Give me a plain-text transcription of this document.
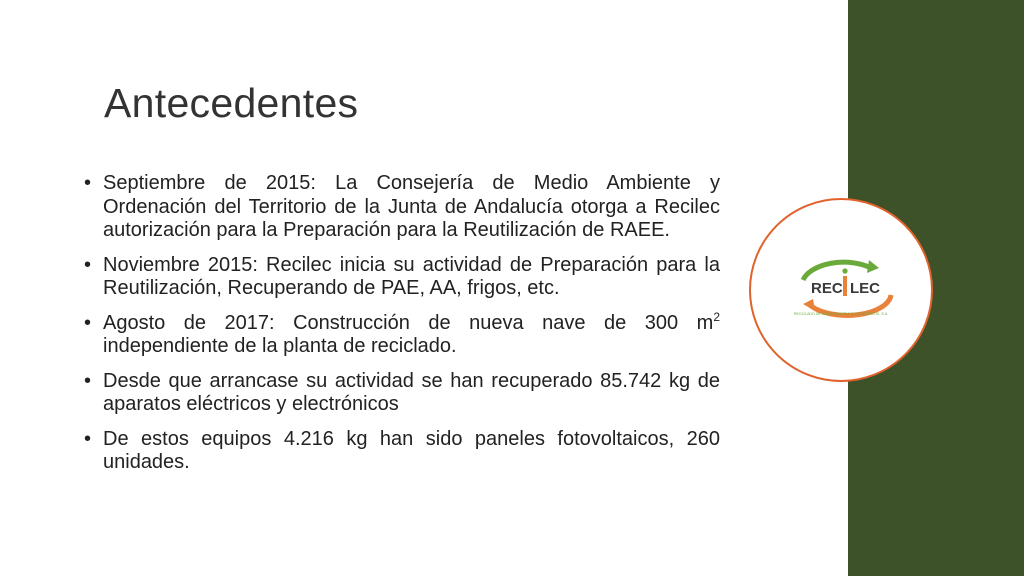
Antecedentes
• Septiembre de 2015: La Consejería de Medio Ambiente y Ordenación del Territorio de la Junta de Andalucía otorga a Recilec autorización para la Preparación para la Reutilización de RAEE.
• Noviembre 2015: Recilec inicia su actividad de Preparación para la Reutilización, Recuperando de PAE, AA, frigos, etc.
• Agosto de 2017: Construcción de nueva nave de 300 $m^2$ independiente de la planta de reciclado.
• Desde que arrancase su actividad se han recuperado 85.742 kg de aparatos eléctricos y electrónicos
• De estos equipos 4.216 kg han sido paneles fotovoltaicos, 260 unidades.
REC LEC
RECICLADO DE COMPONENTES ELECTRÓNICOS, S.A.
